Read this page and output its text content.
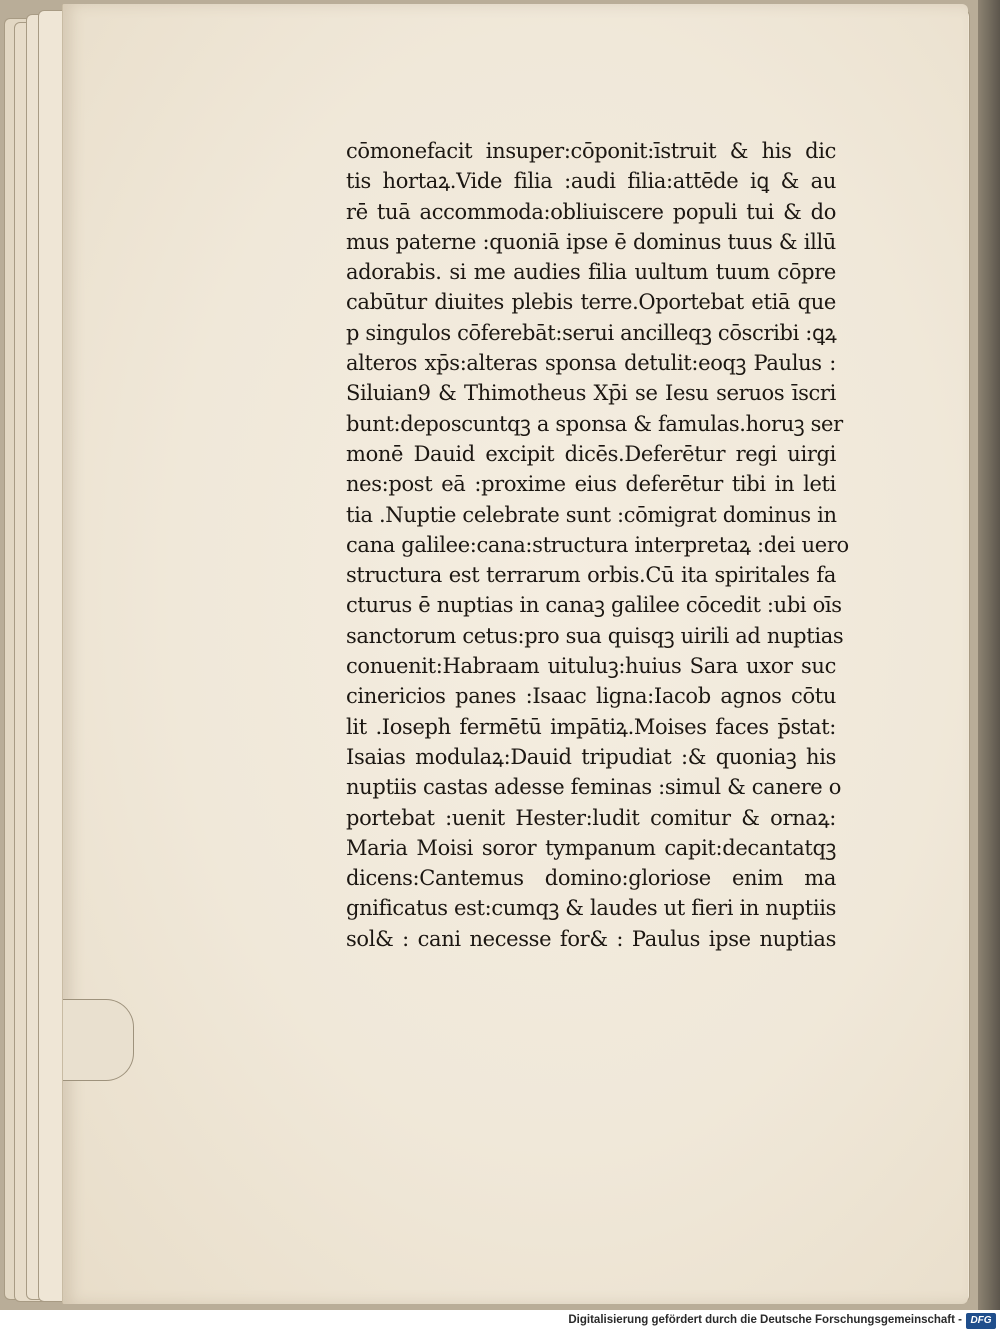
cōmonefacit insuper:cōponit:īstruit & his dic
tis hortaꝝ.Vide filia :audi filia:attēde iꝗ & au
rē tuā accommoda:obliuiscere populi tui & do
mus paterne :quoniā ipse ē dominus tuus & illū
adorabis. si me audies filia uultum tuum cōpre
cabūtur diuites plebis terre.Oportebat etiā que
p singulos cōferebāt:serui ancilleqꝫ cōscribi :ꝗꝝ
alteros xp̄s:alteras sponsa detulit:eoqꝫ Paulus :
Siluian9 & Thimotheus Xp̄i se Iesu seruos īscri
bunt:deposcuntqꝫ a sponsa & famulas.horuꝫ ser
monē Dauid excipit dicēs.Deferētur regi uirgi
nes:post eā :proxime eius deferētur tibi in leti
tia .Nuptie celebrate sunt :cōmigrat dominus in
cana galilee:cana:structura interpretaꝝ :dei uero
structura est terrarum orbis.Cū ita spiritales fa
cturus ē nuptias in canaꝫ galilee cōcedit :ubi oīs
sanctorum cetus:pro sua quisqꝫ uirili ad nuptias
conuenit:Habraam uituluꝫ:huius Sara uxor suc
cinericios panes :Isaac ligna:Iacob agnos cōtu
lit .Ioseph fermētū impātiꝝ.Moises faces p̄stat:
Isaias modulaꝝ:Dauid tripudiat :& quoniaꝫ his
nuptiis castas adesse feminas :simul & canere o
portebat :uenit Hester:ludit comitur & ornaꝝ:
Maria Moisi soror tympanum capit:decantatqꝫ
dicens:Cantemus domino:gloriose enim ma
gnificatus est:cumqꝫ & laudes ut fieri in nuptiis
sol& : cani necesse for& : Paulus ipse nuptias
Digitalisierung gefördert durch die Deutsche Forschungsgemeinschaft - DFG
